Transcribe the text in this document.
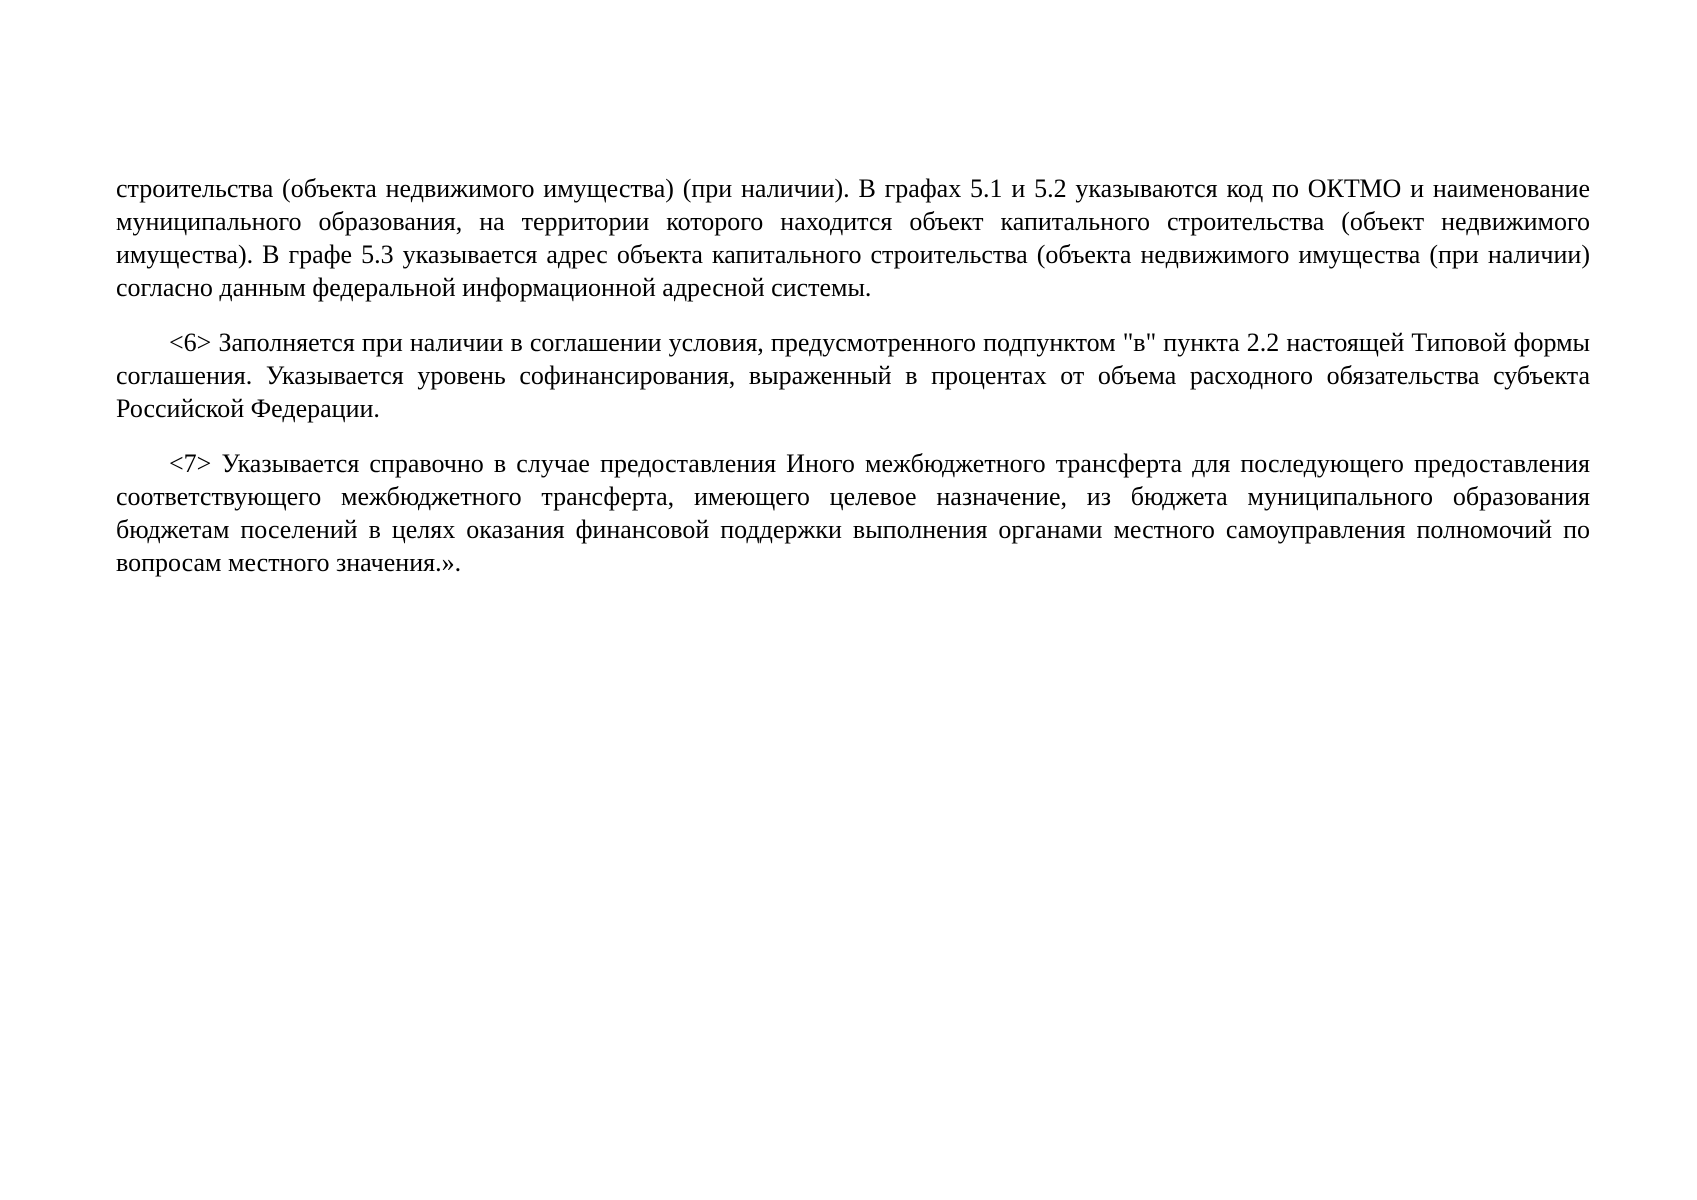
строительства (объекта недвижимого имущества) (при наличии). В графах 5.1 и 5.2 указываются код по ОКТМО и наименование муниципального образования, на территории которого находится объект капитального строительства (объект недвижимого имущества). В графе 5.3 указывается адрес объекта капитального строительства (объекта недвижимого имущества (при наличии) согласно данным федеральной информационной адресной системы.

<6> Заполняется при наличии в соглашении условия, предусмотренного подпунктом "в" пункта 2.2 настоящей Типовой формы соглашения. Указывается уровень софинансирования, выраженный в процентах от объема расходного обязательства субъекта Российской Федерации.

<7> Указывается справочно в случае предоставления Иного межбюджетного трансферта для последующего предоставления соответствующего межбюджетного трансферта, имеющего целевое назначение, из бюджета муниципального образования бюджетам поселений в целях оказания финансовой поддержки выполнения органами местного самоуправления полномочий по вопросам местного значения.».
